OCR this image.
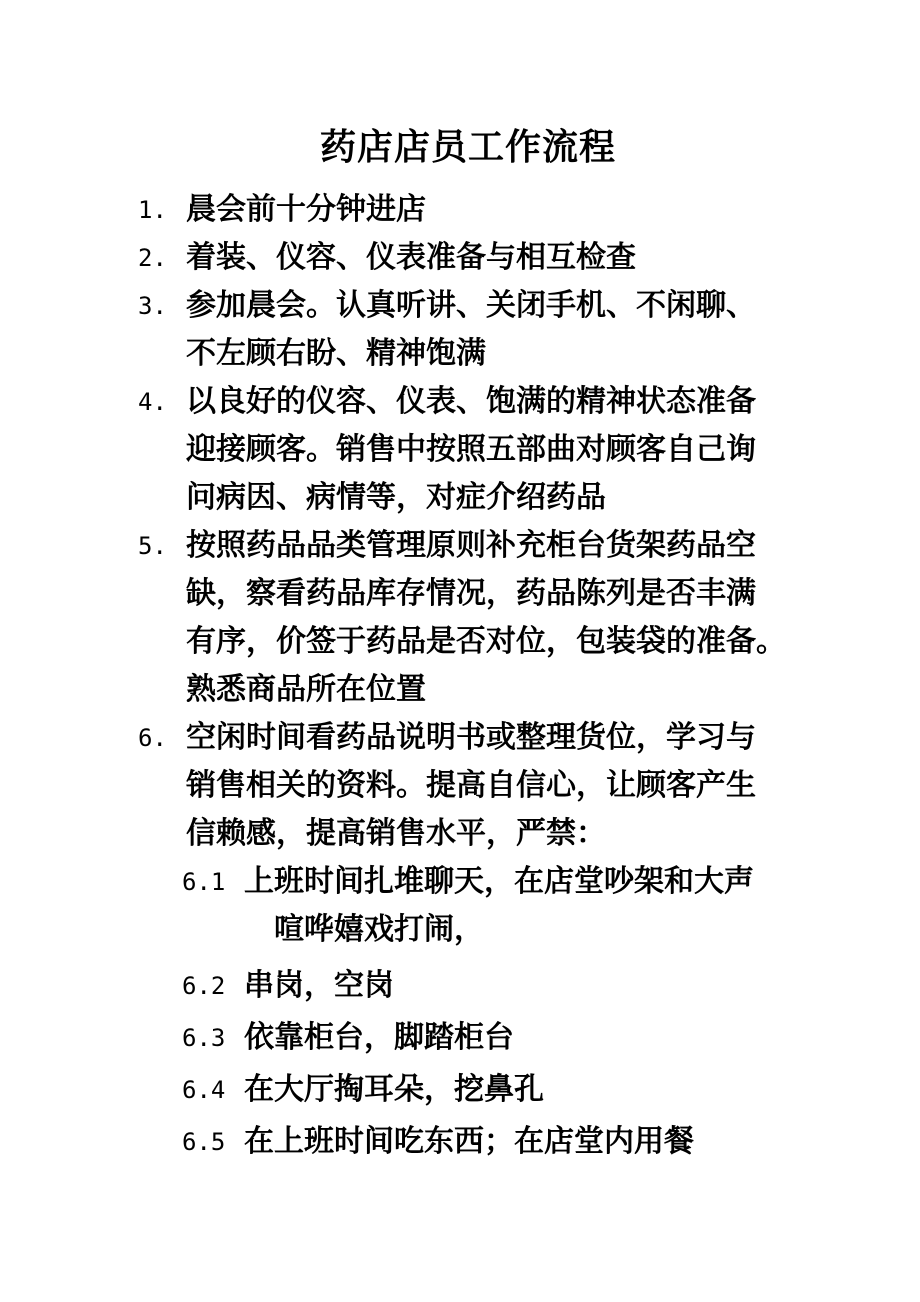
药店店员工作流程
1. 晨会前十分钟进店
2. 着装、仪容、仪表准备与相互检查
3. 参加晨会。认真听讲、关闭手机、不闲聊、
不左顾右盼、精神饱满
4. 以良好的仪容、仪表、饱满的精神状态准备
迎接顾客。销售中按照五部曲对顾客自己询
问病因、病情等，对症介绍药品
5. 按照药品品类管理原则补充柜台货架药品空
缺，察看药品库存情况，药品陈列是否丰满
有序，价签于药品是否对位，包装袋的准备。
熟悉商品所在位置
6. 空闲时间看药品说明书或整理货位，学习与
销售相关的资料。提高自信心，让顾客产生
信赖感，提高销售水平，严禁：
6.1 上班时间扎堆聊天，在店堂吵架和大声
　喧哗嬉戏打闹，
6.2 串岗，空岗
6.3 依靠柜台，脚踏柜台
6.4 在大厅掏耳朵，挖鼻孔
6.5 在上班时间吃东西；在店堂内用餐
